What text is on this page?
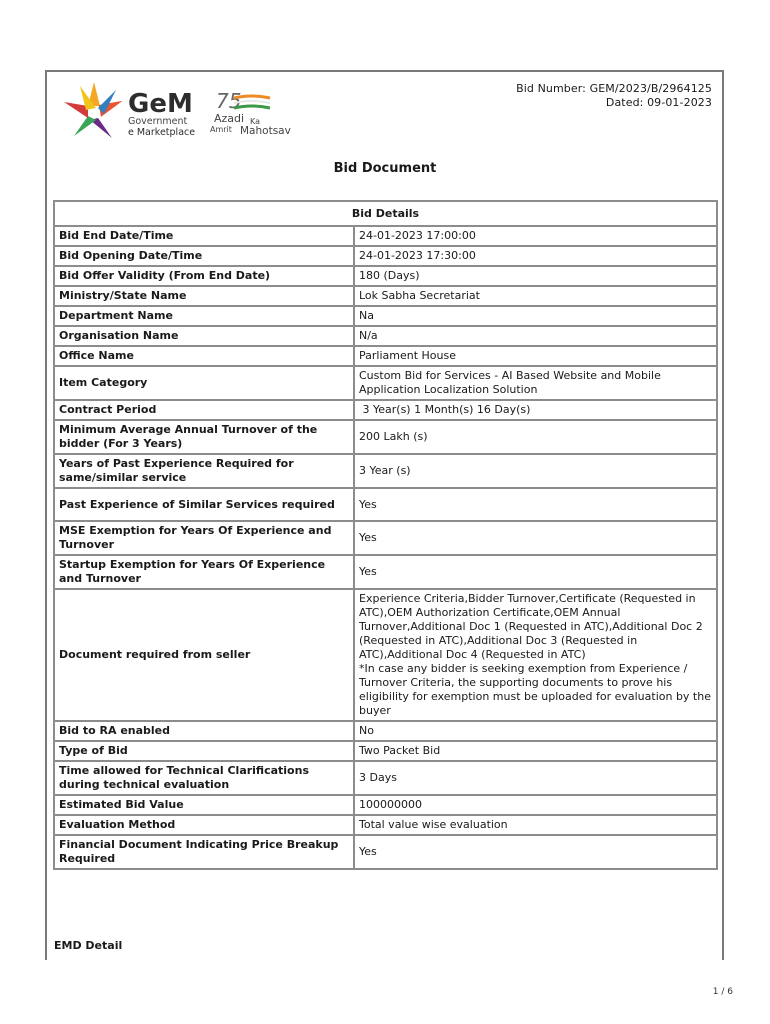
GeM
Government
e Marketplace
75
Azadi Ka
Amrit Mahotsav
Bid Number: GEM/2023/B/2964125
Dated: 09-01-2023
Bid Document
Bid Details	
Bid End Date/Time	24-01-2023 17:00:00
Bid Opening Date/Time	24-01-2023 17:30:00
Bid Offer Validity (From End Date)	180 (Days)
Ministry/State Name	Lok Sabha Secretariat
Department Name	Na
Organisation Name	N/a
Office Name	Parliament House
Item Category	Custom Bid for Services - AI Based Website and Mobile Application Localization Solution
Contract Period	3 Year(s) 1 Month(s) 16 Day(s)
Minimum Average Annual Turnover of the bidder (For 3 Years)	200 Lakh (s)
Years of Past Experience Required for same/similar service	3 Year (s)
Past Experience of Similar Services required	Yes
MSE Exemption for Years Of Experience and Turnover	Yes
Startup Exemption for Years Of Experience and Turnover	Yes
Document required from seller	Experience Criteria,Bidder Turnover,Certificate (Requested in ATC),OEM Authorization Certificate,OEM Annual Turnover,Additional Doc 1 (Requested in ATC),Additional Doc 2 (Requested in ATC),Additional Doc 3 (Requested in ATC),Additional Doc 4 (Requested in ATC)
*In case any bidder is seeking exemption from Experience / Turnover Criteria, the supporting documents to prove his eligibility for exemption must be uploaded for evaluation by the buyer
Bid to RA enabled	No
Type of Bid	Two Packet Bid
Time allowed for Technical Clarifications during technical evaluation	3 Days
Estimated Bid Value	100000000
Evaluation Method	Total value wise evaluation
Financial Document Indicating Price Breakup Required	Yes
EMD Detail
1 / 6
